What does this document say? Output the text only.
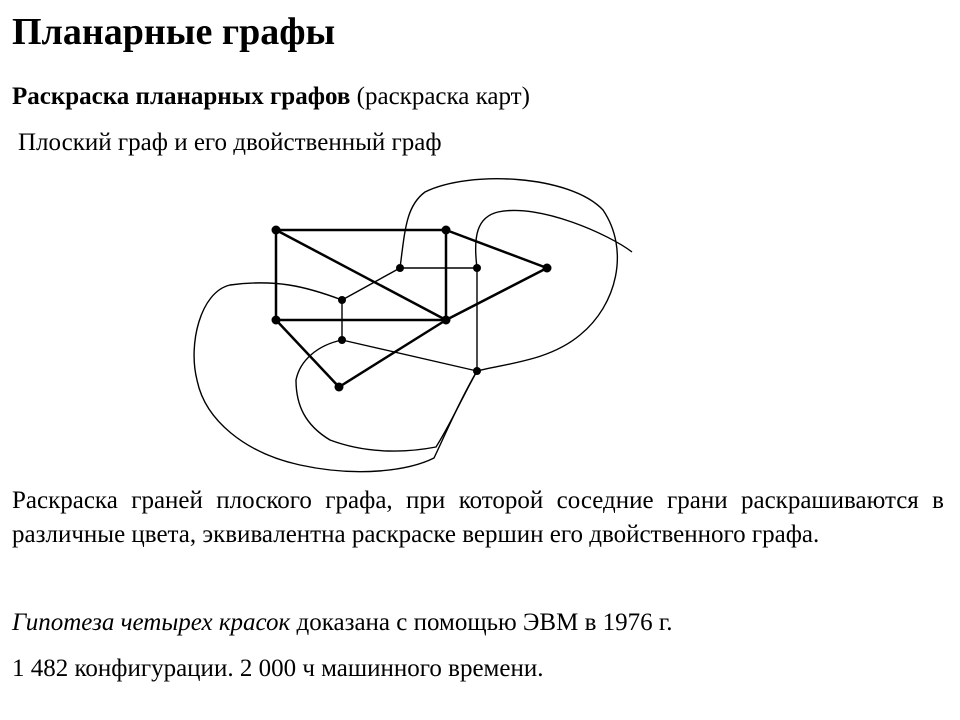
Планарные графы
Раскраска планарных графов (раскраска карт)
Плоский граф и его двойственный граф
Раскраска граней плоского графа, при которой соседние грани раскрашиваются в различные цвета, эквивалентна раскраске вершин его двойственного графа.
Гипотеза четырех красок доказана с помощью ЭВМ в 1976 г.
1 482 конфигурации. 2 000 ч машинного времени.
